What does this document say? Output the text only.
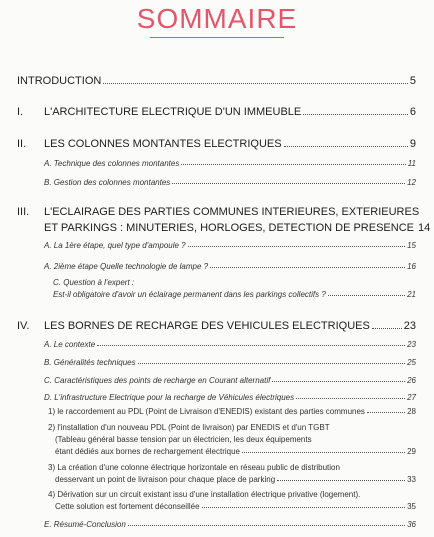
SOMMAIRE
INTRODUCTION	5
I. L'ARCHITECTURE ELECTRIQUE D'UN IMMEUBLE	6
II. LES COLONNES MONTANTES ELECTRIQUES	9
A. Technique des colonnes montantes	11
B. Gestion des colonnes montantes	12
III. L'ECLAIRAGE DES PARTIES COMMUNES INTERIEURES, EXTERIEURES
ET PARKINGS : MINUTERIES, HORLOGES, DETECTION DE PRESENCE 14
A. La 1ère étape, quel type d'ampoule ?	15
A. 2ième étape Quelle technologie de lampe ?	16
C. Question à l'expert :
Est-il obligatoire d'avoir un éclairage permanent dans les parkings collectifs ?	21
IV. LES BORNES DE RECHARGE DES VEHICULES ELECTRIQUES	23
A. Le contexte	23
B. Généralités techniques	25
C. Caractéristiques des points de recharge en Courant alternatif	26
D. L'infrastructure Electrique pour la recharge de Véhicules électriques	27
1) le raccordement au PDL (Point de Livraison d'ENEDIS) existant des parties communes	28
2) l'installation d'un nouveau PDL (Point de livraison) par ENEDIS et d'un TGBT
(Tableau général basse tension par un électricien, les deux équipements
étant dédiés aux bornes de rechargement électrique	29
3) La création d'une colonne électrique horizontale en réseau public de distribution
desservant un point de livraison pour chaque place de parking	33
4) Dérivation sur un circuit existant issu d'une installation électrique privative (logement).
Cette solution est fortement déconseillée	35
E. Résumé-Conclusion	36
